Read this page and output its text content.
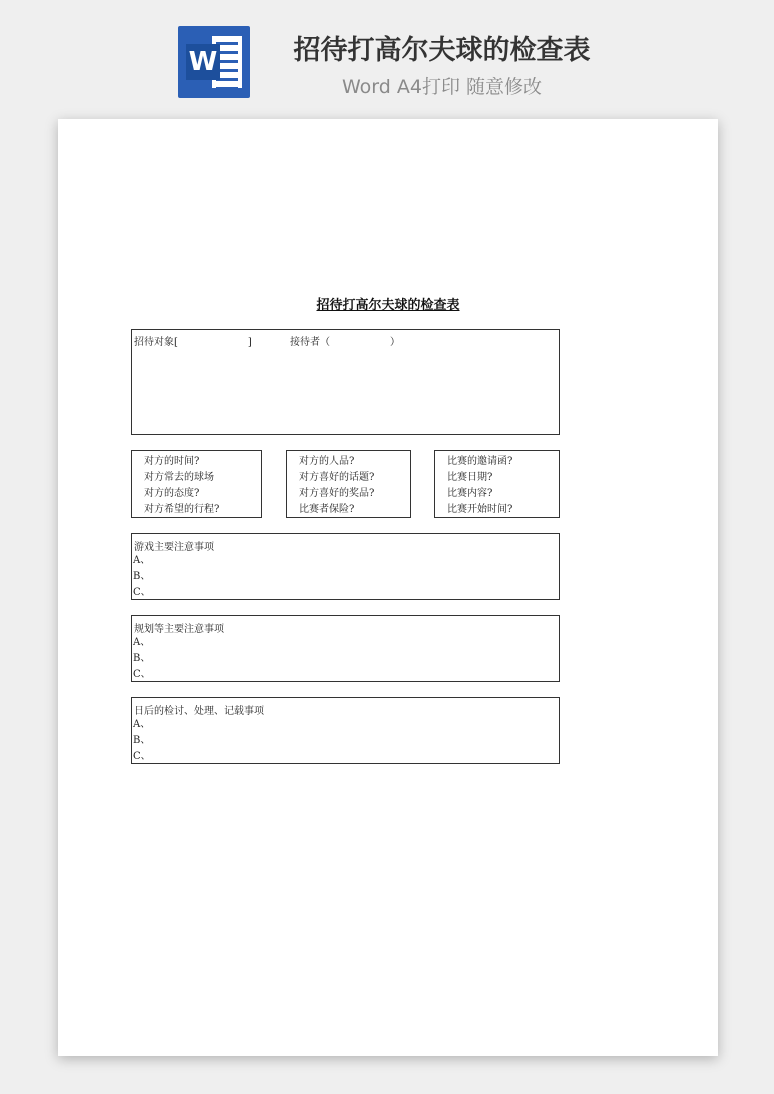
W	招待打高尔夫球的检查表
Word A4打印 随意修改
招待打高尔夫球的检查表
招待对象[　　　　　　　]	接待者（　　　　　　）
对方的时间?
对方常去的球场
对方的态度?
对方希望的行程?
对方的人品?
对方喜好的话题?
对方喜好的奖品?
比赛者保险?
比赛的邀请函?
比赛日期?
比赛内容?
比赛开始时间?
游戏主要注意事项
A、
B、
C、
规划等主要注意事项
A、
B、
C、
日后的检讨、处理、记载事项
A、
B、
C、
